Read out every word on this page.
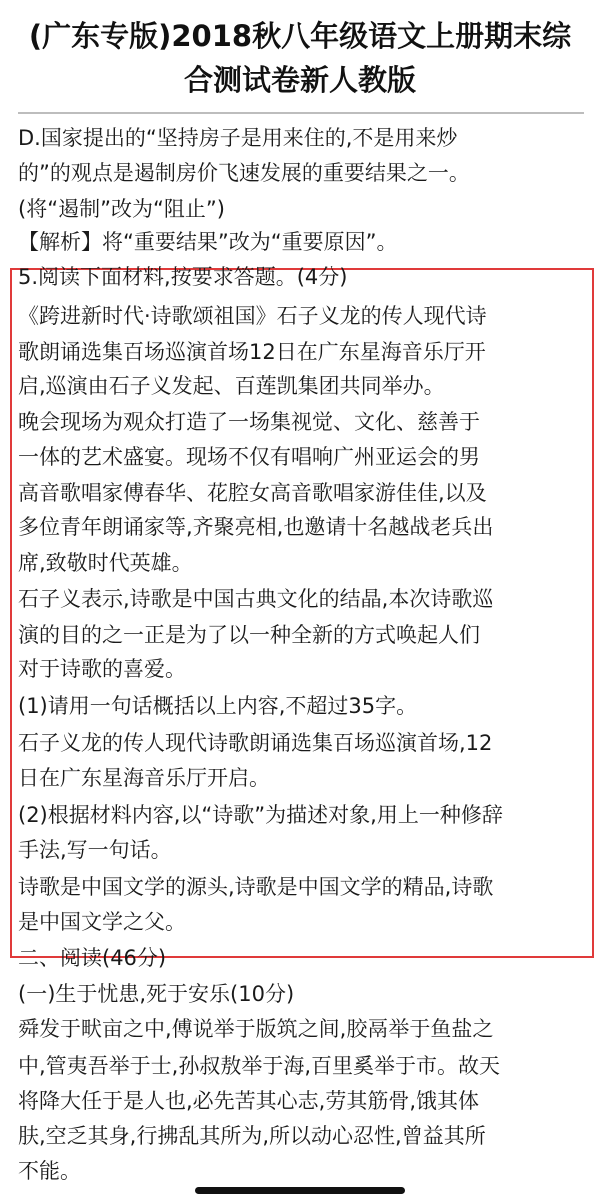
(广东专版)2018秋八年级语文上册期末综
合测试卷新人教版
D.国家提出的“坚持房子是用来住的,不是用来炒
的”的观点是遏制房价飞速发展的重要结果之一。
(将“遏制”改为“阻止”)
【解析】将“重要结果”改为“重要原因”。
5.阅读下面材料,按要求答题。(4分)
《跨进新时代·诗歌颂祖国》石子义龙的传人现代诗
歌朗诵选集百场巡演首场12日在广东星海音乐厅开
启,巡演由石子义发起、百莲凯集团共同举办。
晚会现场为观众打造了一场集视觉、文化、慈善于
一体的艺术盛宴。现场不仅有唱响广州亚运会的男
高音歌唱家傅春华、花腔女高音歌唱家游佳佳,以及
多位青年朗诵家等,齐聚亮相,也邀请十名越战老兵出
席,致敬时代英雄。
石子义表示,诗歌是中国古典文化的结晶,本次诗歌巡
演的目的之一正是为了以一种全新的方式唤起人们
对于诗歌的喜爱。
(1)请用一句话概括以上内容,不超过35字。
石子义龙的传人现代诗歌朗诵选集百场巡演首场,12
日在广东星海音乐厅开启。
(2)根据材料内容,以“诗歌”为描述对象,用上一种修辞
手法,写一句话。
诗歌是中国文学的源头,诗歌是中国文学的精品,诗歌
是中国文学之父。
二、阅读(46分)
(一)生于忧患,死于安乐(10分)
舜发于畎亩之中,傅说举于版筑之间,胶鬲举于鱼盐之
中,管夷吾举于士,孙叔敖举于海,百里奚举于市。故天
将降大任于是人也,必先苦其心志,劳其筋骨,饿其体
肤,空乏其身,行拂乱其所为,所以动心忍性,曾益其所
不能。
